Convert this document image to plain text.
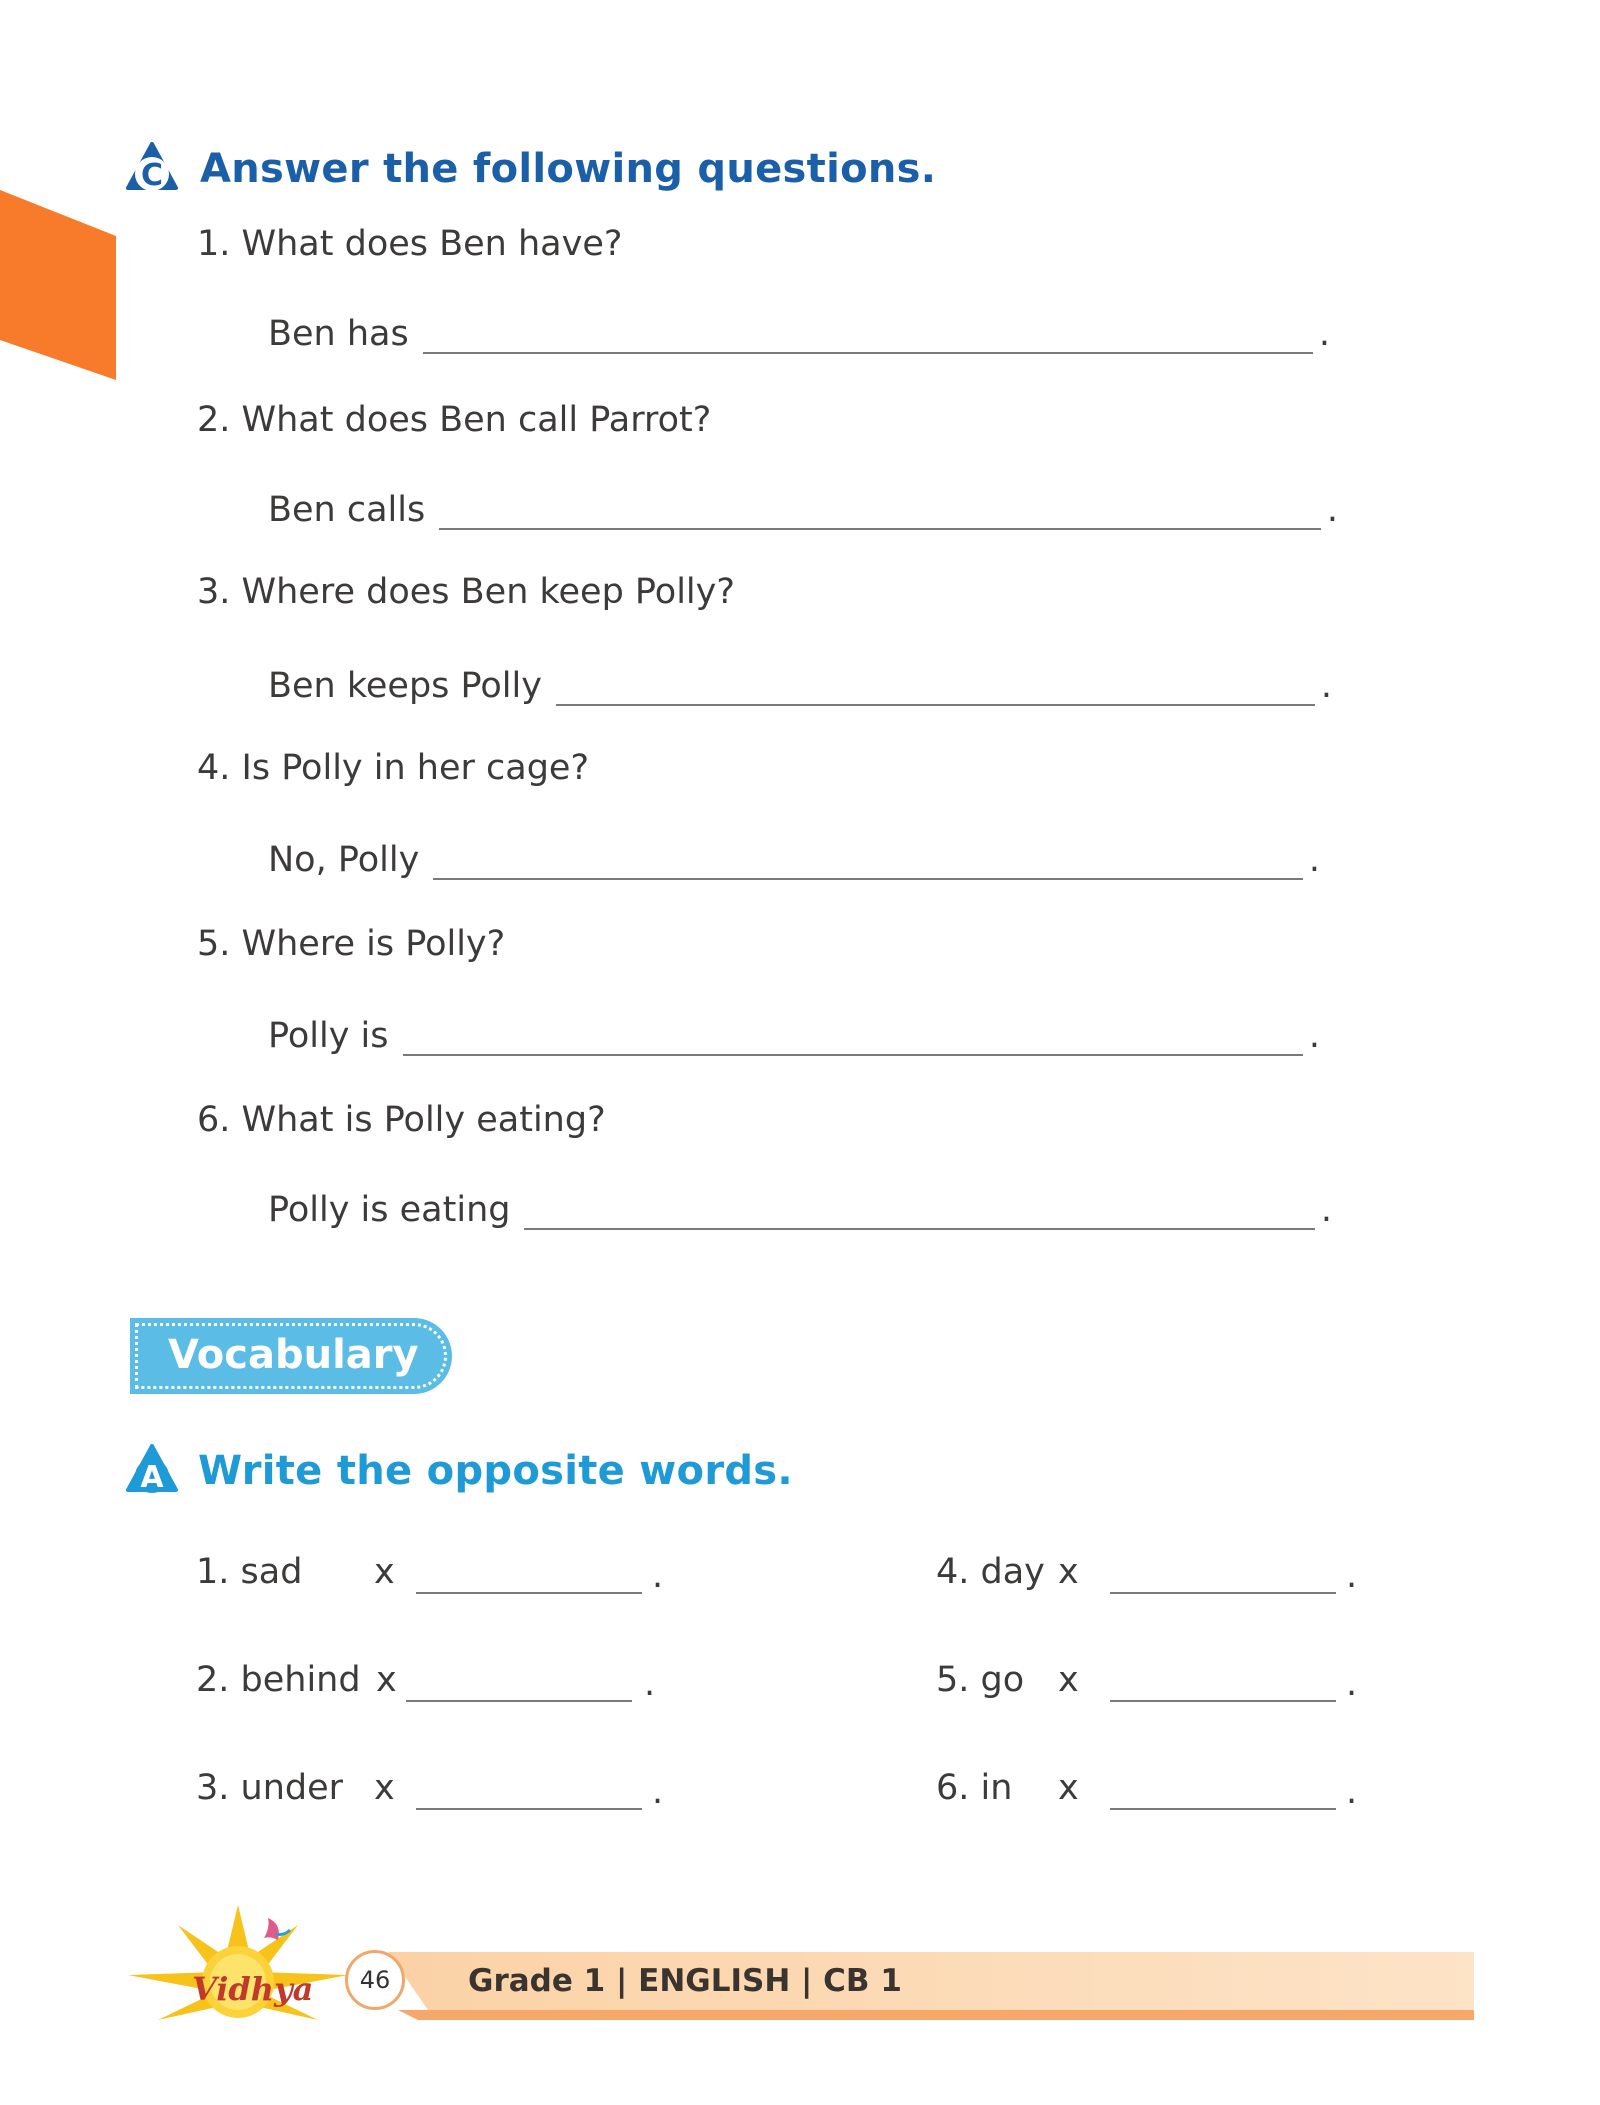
C Answer the following questions.
1. What does Ben have?
Ben has	.
2. What does Ben call Parrot?
Ben calls	.
3. Where does Ben keep Polly?
Ben keeps Polly	.
4. Is Polly in her cage?
No, Polly	.
5. Where is Polly?
Polly is	.
6. What is Polly eating?
Polly is eating	.
Vocabulary
A Write the opposite words.
1. sad x	.
2. behind x	.
3. under x	.
4. day x	.
5. go x	.
6. in x	.
46	Grade 1 | ENGLISH | CB 1
Vidhya
